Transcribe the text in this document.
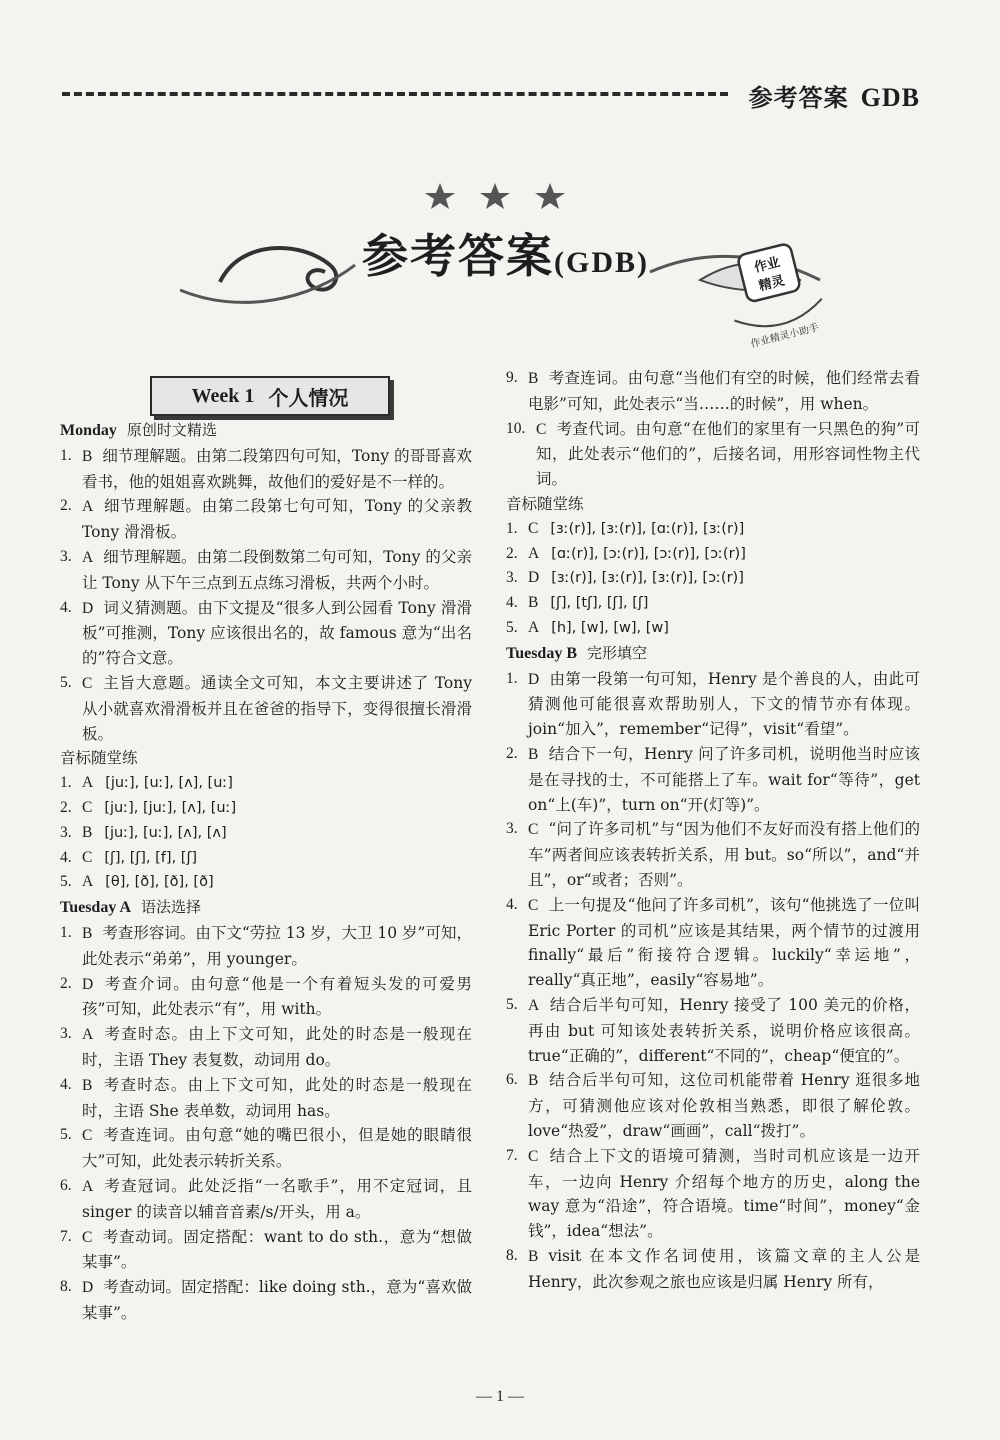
参考答案 GDB
参考答案(GDB)	作业
精灵
作业精灵小助手
Week 1 个人情况
Monday 原创时文精选
1. B 细节理解题。由第二段第四句可知，Tony 的哥哥喜欢看书，他的姐姐喜欢跳舞，故他们的爱好是不一样的。
2. A 细节理解题。由第二段第七句可知，Tony 的父亲教 Tony 滑滑板。
3. A 细节理解题。由第二段倒数第二句可知，Tony 的父亲让 Tony 从下午三点到五点练习滑板，共两个小时。
4. D 词义猜测题。由下文提及“很多人到公园看 Tony 滑滑板”可推测，Tony 应该很出名的，故 famous 意为“出名的”符合文意。
5. C 主旨大意题。通读全文可知，本文主要讲述了 Tony 从小就喜欢滑滑板并且在爸爸的指导下，变得很擅长滑滑板。
音标随堂练
1. A [juː], [uː], [ʌ], [uː]
2. C [juː], [juː], [ʌ], [uː]
3. B [juː], [uː], [ʌ], [ʌ]
4. C [ʃ], [ʃ], [f], [ʃ]
5. A [θ], [ð], [ð], [ð]
Tuesday A 语法选择
1. B 考查形容词。由下文“劳拉 13 岁，大卫 10 岁”可知，此处表示“弟弟”，用 younger。
2. D 考查介词。由句意“他是一个有着短头发的可爱男孩”可知，此处表示“有”，用 with。
3. A 考查时态。由上下文可知，此处的时态是一般现在时，主语 They 表复数，动词用 do。
4. B 考查时态。由上下文可知，此处的时态是一般现在时，主语 She 表单数，动词用 has。
5. C 考查连词。由句意“她的嘴巴很小，但是她的眼睛很大”可知，此处表示转折关系。
6. A 考查冠词。此处泛指“一名歌手”，用不定冠词，且 singer 的读音以辅音音素/s/开头，用 a。
7. C 考查动词。固定搭配：want to do sth.，意为“想做某事”。
8. D 考查动词。固定搭配：like doing sth.，意为“喜欢做某事”。
9. B 考查连词。由句意“当他们有空的时候，他们经常去看电影”可知，此处表示“当……的时候”，用 when。
10. C 考查代词。由句意“在他们的家里有一只黑色的狗”可知，此处表示“他们的”，后接名词，用形容词性物主代词。
音标随堂练
1. C [ɜː(r)], [ɜː(r)], [ɑː(r)], [ɜː(r)]
2. A [ɑː(r)], [ɔː(r)], [ɔː(r)], [ɔː(r)]
3. D [ɜː(r)], [ɜː(r)], [ɜː(r)], [ɔː(r)]
4. B [ʃ], [tʃ], [ʃ], [ʃ]
5. A [h], [w], [w], [w]
Tuesday B 完形填空
1. D 由第一段第一句可知，Henry 是个善良的人，由此可猜测他可能很喜欢帮助别人，下文的情节亦有体现。join“加入”，remember“记得”，visit“看望”。
2. B 结合下一句，Henry 问了许多司机，说明他当时应该是在寻找的士，不可能搭上了车。wait for“等待”，get on“上(车)”，turn on“开(灯等)”。
3. C “问了许多司机”与“因为他们不友好而没有搭上他们的车”两者间应该表转折关系，用 but。so“所以”，and“并且”，or“或者；否则”。
4. C 上一句提及“他问了许多司机”，该句“他挑选了一位叫 Eric Porter 的司机”应该是其结果，两个情节的过渡用 finally“最后”衔接符合逻辑。luckily“幸运地”，really“真正地”，easily“容易地”。
5. A 结合后半句可知，Henry 接受了 100 美元的价格，再由 but 可知该处表转折关系，说明价格应该很高。true“正确的”，different“不同的”，cheap“便宜的”。
6. B 结合后半句可知，这位司机能带着 Henry 逛很多地方，可猜测他应该对伦敦相当熟悉，即很了解伦敦。love“热爱”，draw“画画”，call“拨打”。
7. C 结合上下文的语境可猜测，当时司机应该是一边开车，一边向 Henry 介绍每个地方的历史，along the way 意为“沿途”，符合语境。time“时间”，money“金钱”，idea“想法”。
8. B visit 在本文作名词使用，该篇文章的主人公是 Henry，此次参观之旅也应该是归属 Henry 所有，
— 1 —
